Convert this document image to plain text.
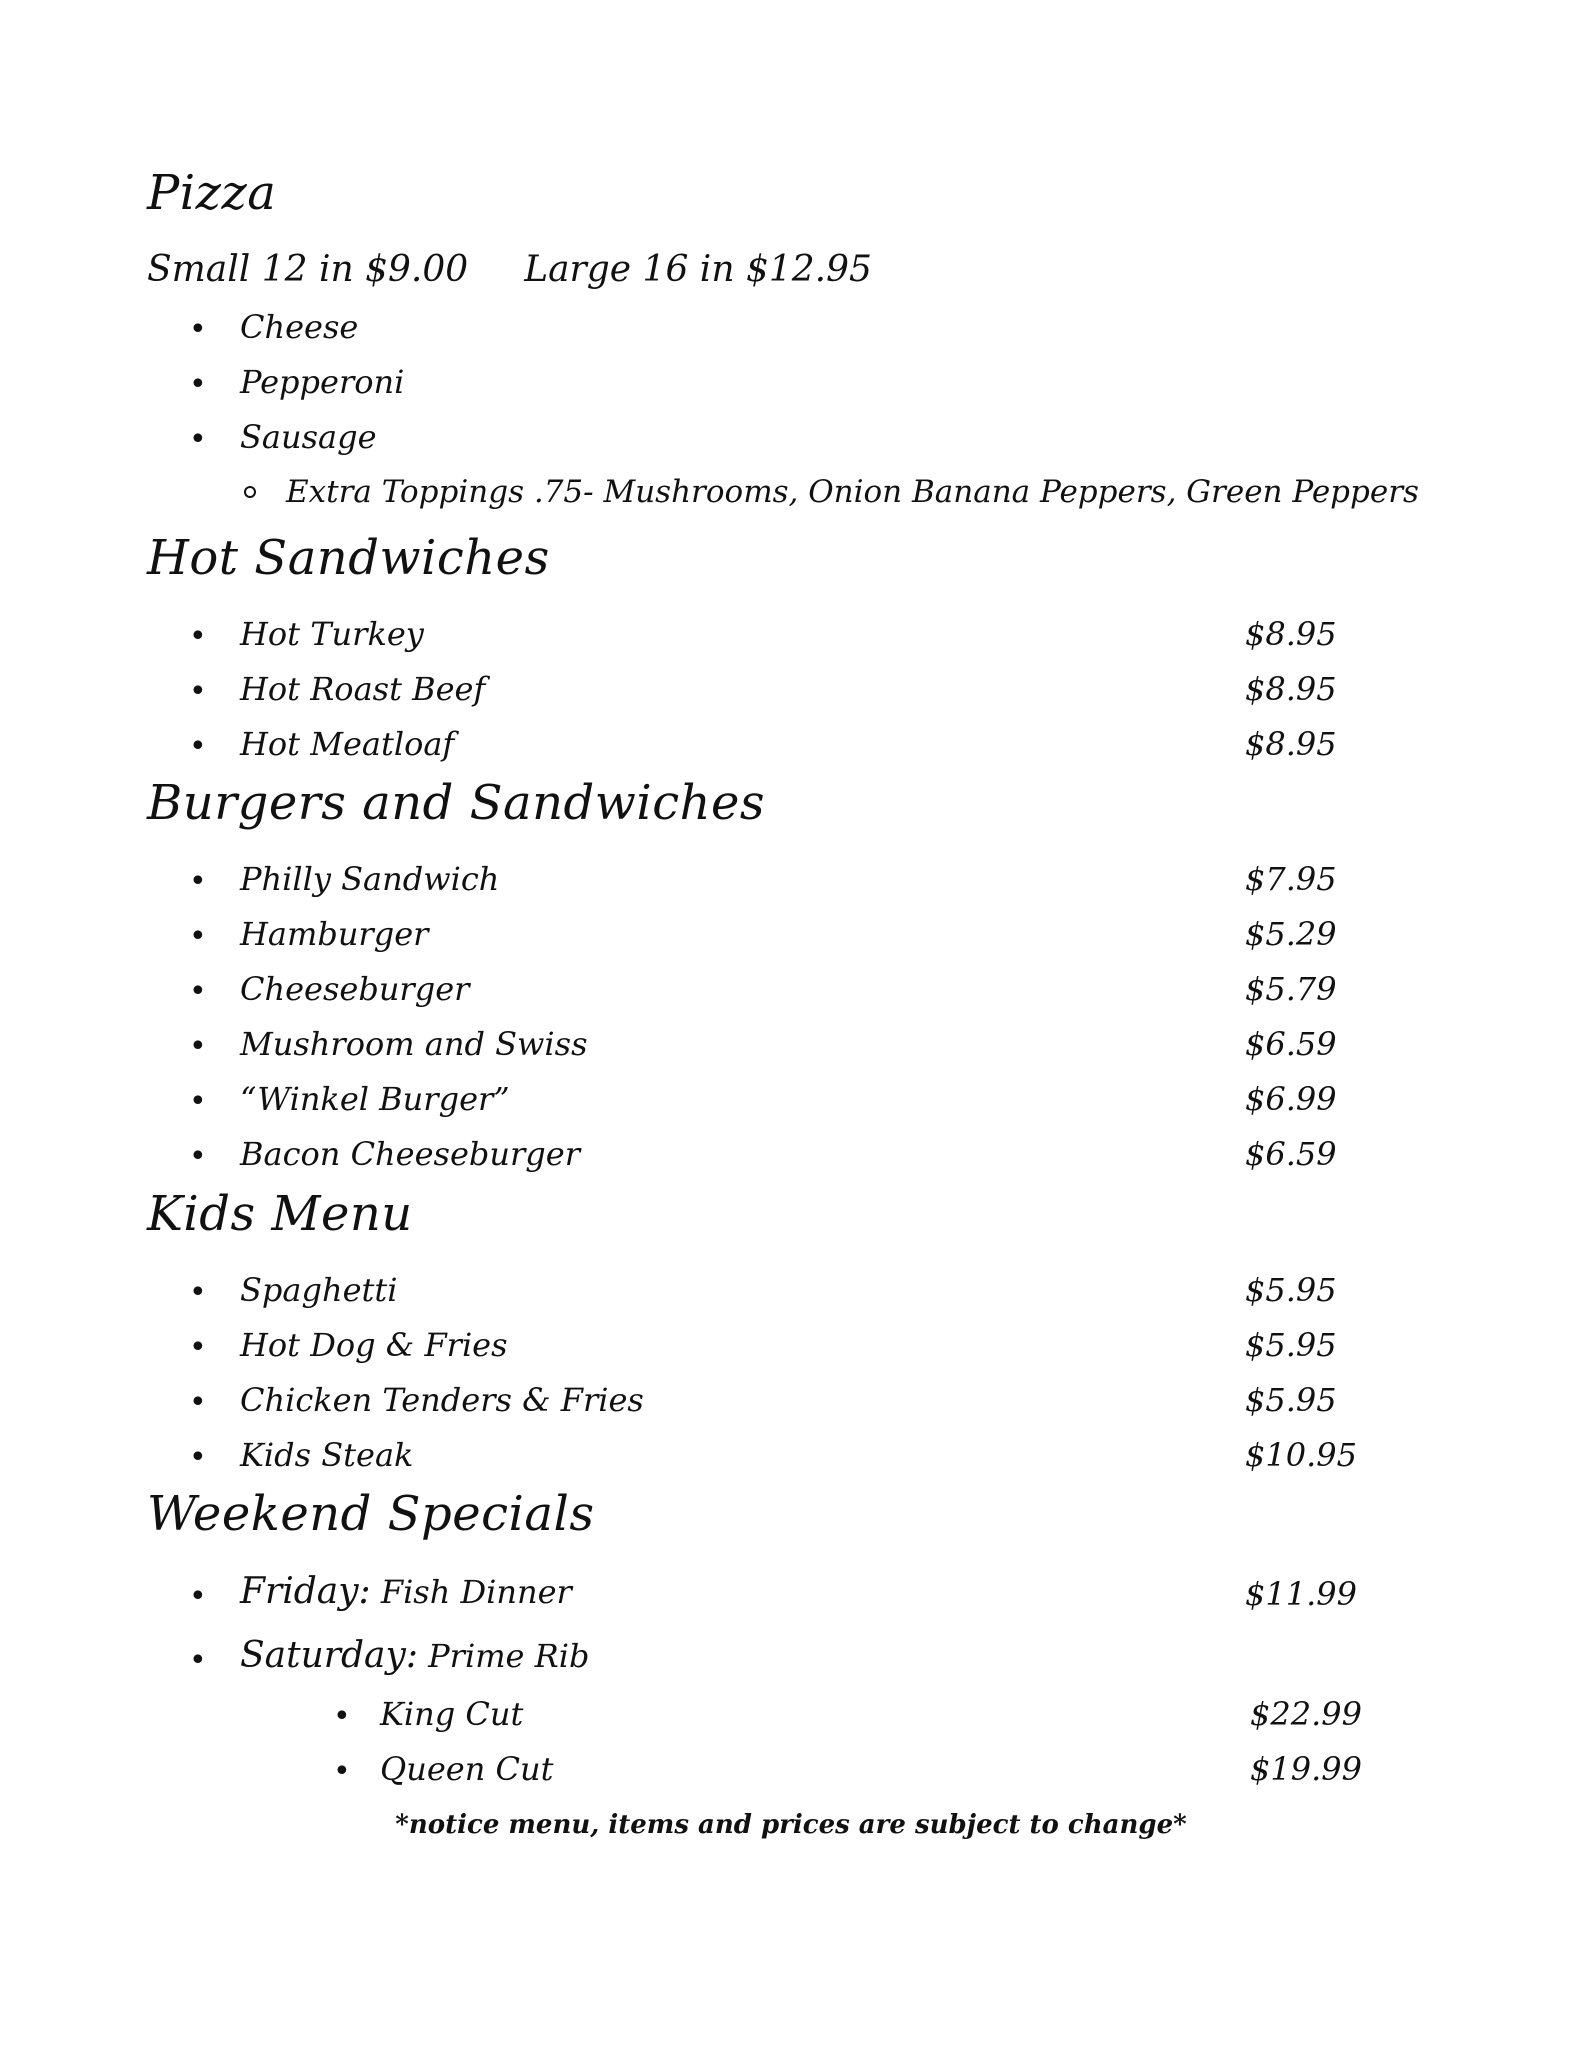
Pizza
Small 12 in $9.00 Large 16 in $12.95
• Cheese
• Pepperoni
• Sausage
Extra Toppings .75- Mushrooms, Onion Banana Peppers, Green Peppers
Hot Sandwiches
• Hot Turkey	$8.95
• Hot Roast Beef	$8.95
• Hot Meatloaf	$8.95
Burgers and Sandwiches
• Philly Sandwich	$7.95
• Hamburger	$5.29
• Cheeseburger	$5.79
• Mushroom and Swiss	$6.59
• “Winkel Burger”	$6.99
• Bacon Cheeseburger	$6.59
Kids Menu
• Spaghetti	$5.95
• Hot Dog & Fries	$5.95
• Chicken Tenders & Fries	$5.95
• Kids Steak	$10.95
Weekend Specials
• Friday: Fish Dinner	$11.99
• Saturday: Prime Rib
• King Cut	$22.99
• Queen Cut	$19.99
*notice menu, items and prices are subject to change*
